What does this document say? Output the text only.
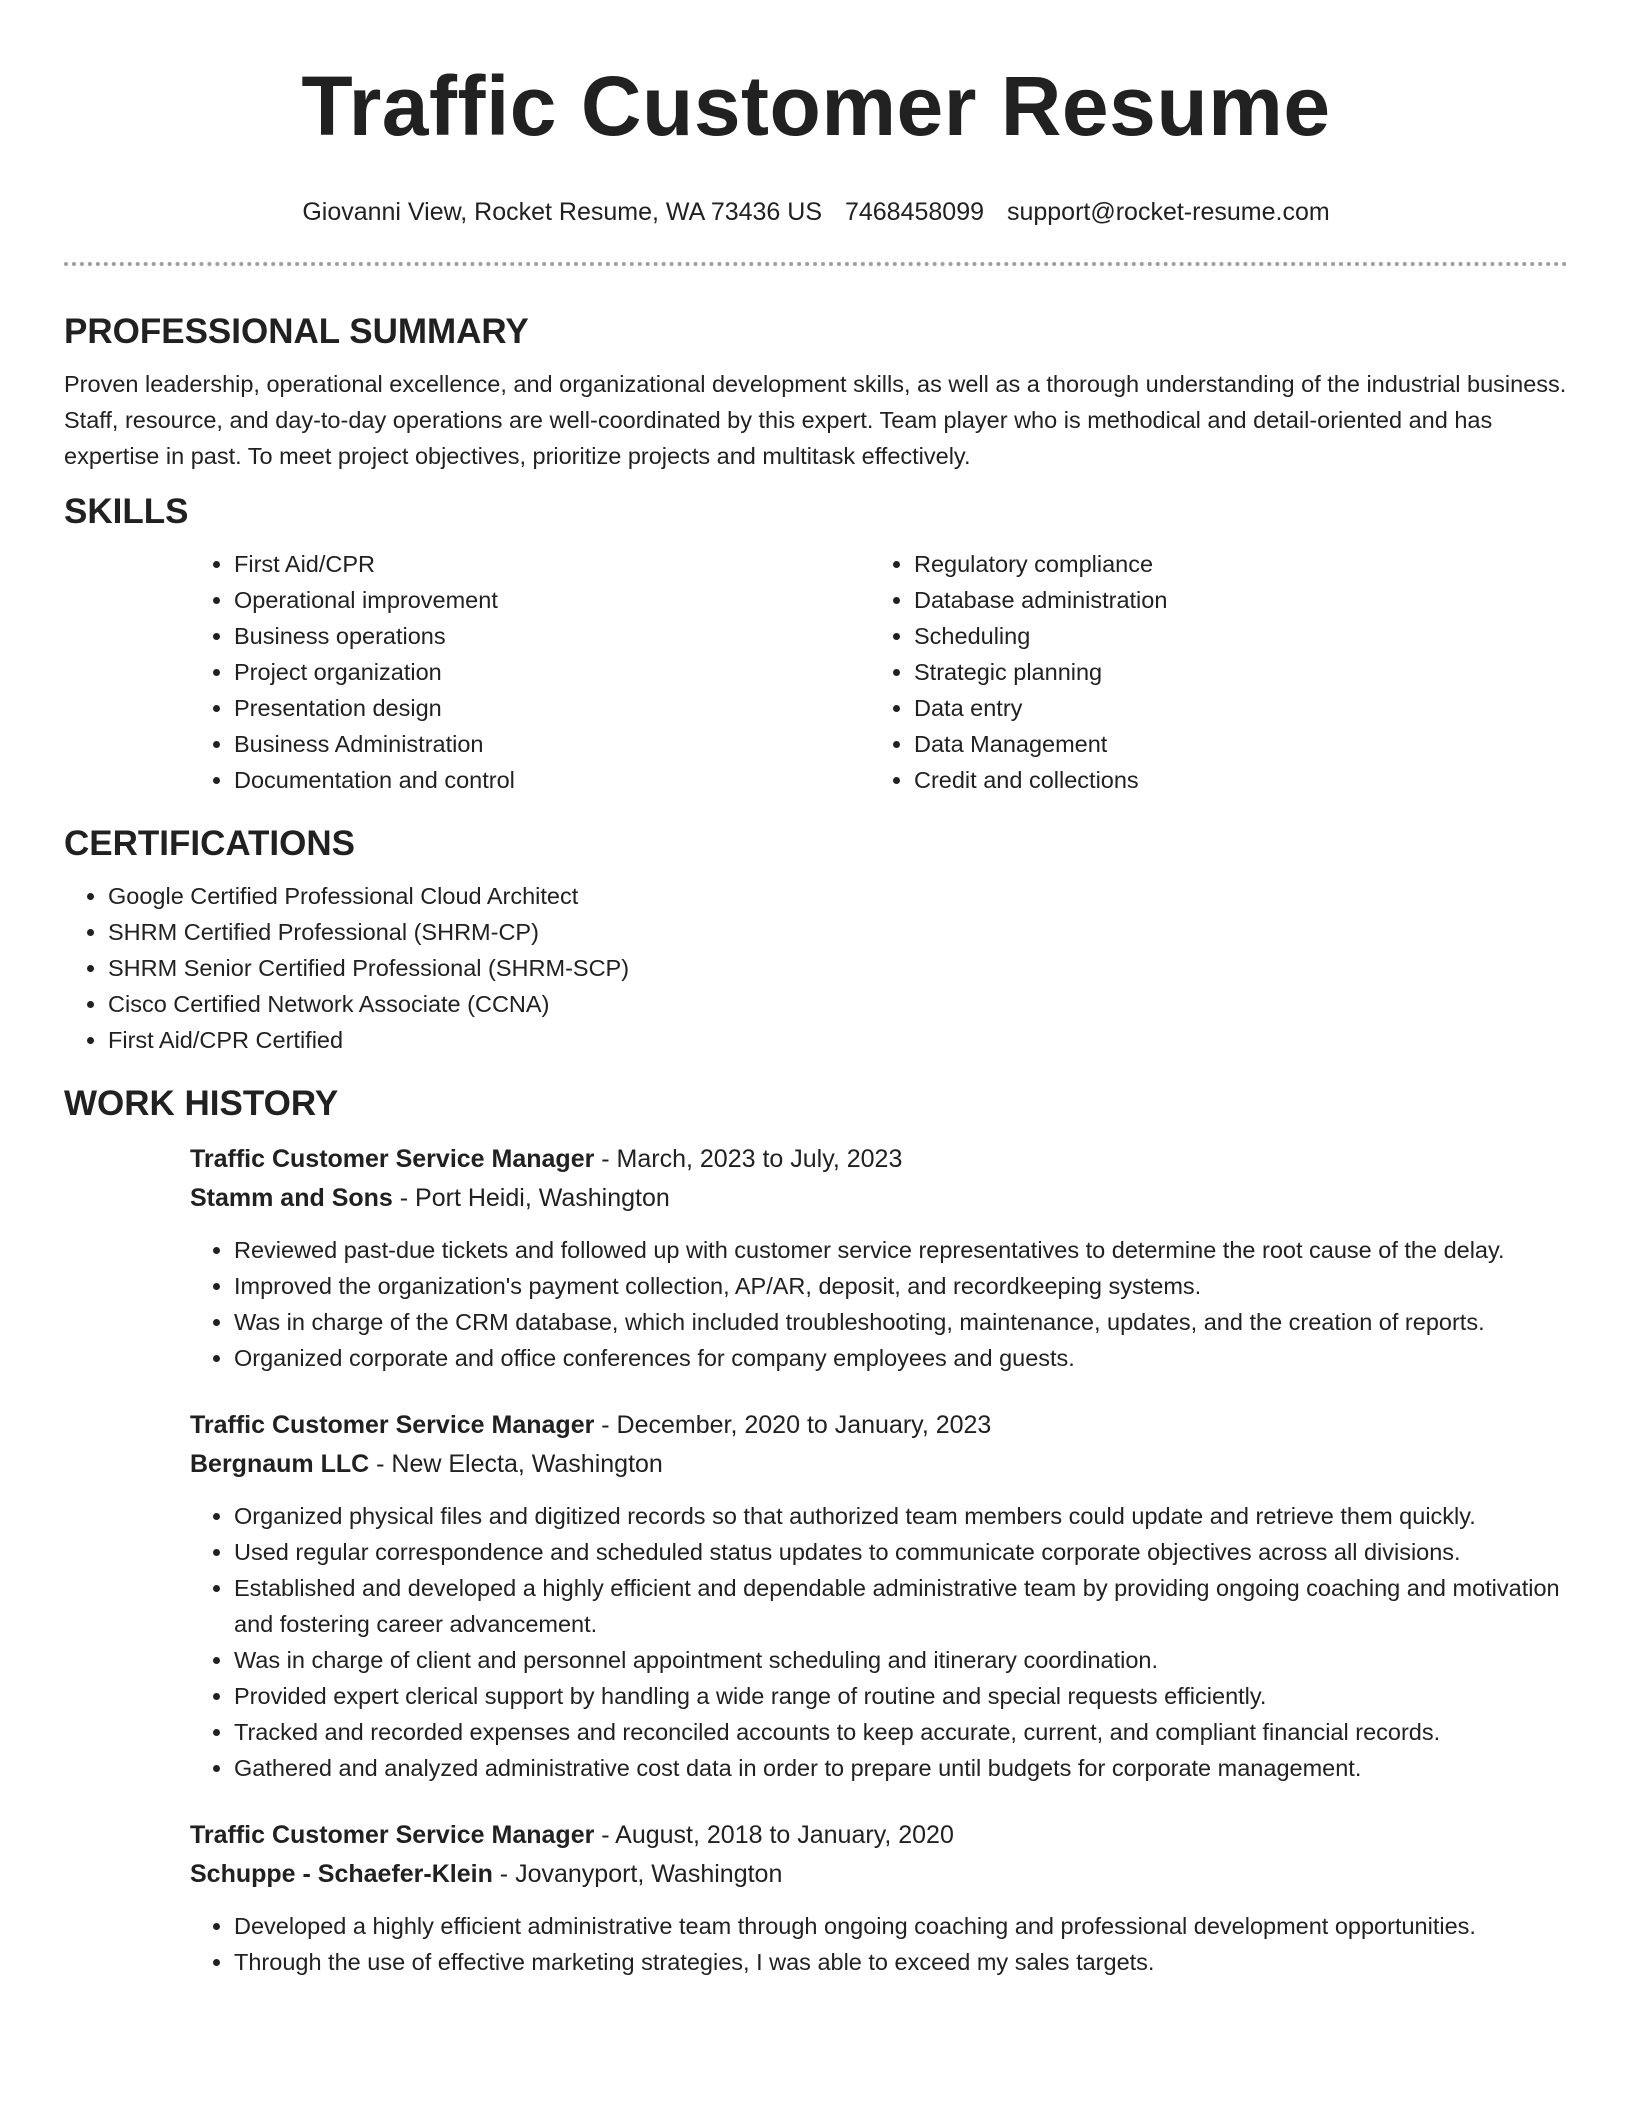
Traffic Customer Resume
Giovanni View, Rocket Resume, WA 73436 US 7468458099 support@rocket-resume.com
PROFESSIONAL SUMMARY

Proven leadership, operational excellence, and organizational development skills, as well as a thorough understanding of the industrial business. Staff, resource, and day-to-day operations are well-coordinated by this expert. Team player who is methodical and detail-oriented and has expertise in past. To meet project objectives, prioritize projects and multitask effectively.

SKILLS
• First Aid/CPR
• Operational improvement
• Business operations
• Project organization
• Presentation design
• Business Administration
• Documentation and control
• Regulatory compliance
• Database administration
• Scheduling
• Strategic planning
• Data entry
• Data Management
• Credit and collections
CERTIFICATIONS
• Google Certified Professional Cloud Architect
• SHRM Certified Professional (SHRM-CP)
• SHRM Senior Certified Professional (SHRM-SCP)
• Cisco Certified Network Associate (CCNA)
• First Aid/CPR Certified
WORK HISTORY
Traffic Customer Service Manager - March, 2023 to July, 2023
Stamm and Sons - Port Heidi, Washington
• Reviewed past-due tickets and followed up with customer service representatives to determine the root cause of the delay.
• Improved the organization's payment collection, AP/AR, deposit, and recordkeeping systems.
• Was in charge of the CRM database, which included troubleshooting, maintenance, updates, and the creation of reports.
• Organized corporate and office conferences for company employees and guests.
Traffic Customer Service Manager - December, 2020 to January, 2023
Bergnaum LLC - New Electa, Washington
• Organized physical files and digitized records so that authorized team members could update and retrieve them quickly.
• Used regular correspondence and scheduled status updates to communicate corporate objectives across all divisions.
• Established and developed a highly efficient and dependable administrative team by providing ongoing coaching and motivation and fostering career advancement.
• Was in charge of client and personnel appointment scheduling and itinerary coordination.
• Provided expert clerical support by handling a wide range of routine and special requests efficiently.
• Tracked and recorded expenses and reconciled accounts to keep accurate, current, and compliant financial records.
• Gathered and analyzed administrative cost data in order to prepare until budgets for corporate management.
Traffic Customer Service Manager - August, 2018 to January, 2020
Schuppe - Schaefer-Klein - Jovanyport, Washington
• Developed a highly efficient administrative team through ongoing coaching and professional development opportunities.
• Through the use of effective marketing strategies, I was able to exceed my sales targets.
